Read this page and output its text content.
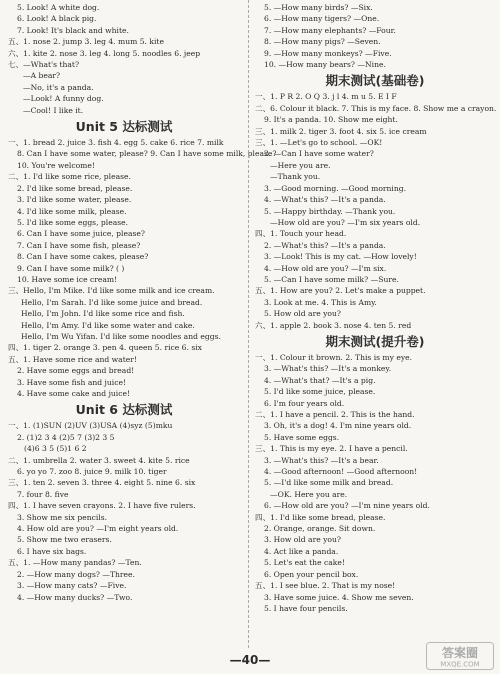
5. Look! A white dog.
6. Look! A black pig.
7. Look! It's black and white.
五、1. nose 2. jump 3. leg 4. mum 5. kite
六、1. kite 2. nose 3. leg 4. long 5. noodles 6. jeep
七、—What's that?
—A bear?
—No, it's a panda.
—Look! A funny dog.
—Cool! I like it.
Unit 5 达标测试
一、1. bread 2. juice 3. fish 4. egg 5. cake 6. rice 7. milk
8. Can I have some water, please? 9. Can I have some milk, please?
10. You're welcome!
二、1. I'd like some rice, please.
2. I'd like some bread, please.
3. I'd like some water, please.
4. I'd like some milk, please.
5. I'd like some eggs, please.
6. Can I have some juice, please?
7. Can I have some fish, please?
8. Can I have some cakes, please?
9. Can I have some milk? ( )
10. Have some ice cream!
三、Hello, I'm Mike. I'd like some milk and ice cream.
Hello, I'm Sarah. I'd like some juice and bread.
Hello, I'm John. I'd like some rice and fish.
Hello, I'm Amy. I'd like some water and cake.
Hello, I'm Wu Yifan. I'd like some noodles and eggs.
四、1. tiger 2. orange 3. pen 4. queen 5. rice 6. six
五、1. Have some rice and water!
2. Have some eggs and bread!
3. Have some fish and juice!
4. Have some cake and juice!
Unit 6 达标测试
一、1. (1)SUN (2)UV (3)USA (4)syz (5)mku
2. (1)2 3 4 (2)5 7 (3)2 3 5
(4)6 3 5 (5)1 6 2
二、1. umbrella 2. water 3. sweet 4. kite 5. rice
6. yo yo 7. zoo 8. juice 9. milk 10. tiger
三、1. ten 2. seven 3. three 4. eight 5. nine 6. six
7. four 8. five
四、1. I have seven crayons. 2. I have five rulers.
3. Show me six pencils.
4. How old are you? —I'm eight years old.
5. Show me two erasers.
6. I have six bags.
五、1. —How many pandas? —Ten.
2. —How many dogs? —Three.
3. —How many cats? —Five.
4. —How many ducks? —Two.
5. —How many birds? —Six.
6. —How many tigers? —One.
7. —How many elephants? —Four.
8. —How many pigs? —Seven.
9. —How many monkeys? —Five.
10. —How many bears? —Nine.
期末测试(基础卷)
一、1. P R 2. O Q 3. j l 4. m u 5. E I F
二、6. Colour it black. 7. This is my face. 8. Show me a crayon.
9. It's a panda. 10. Show me eight.
三、1. milk 2. tiger 3. foot 4. six 5. ice cream
三、1. —Let's go to school. —OK!
2. —Can I have some water?
—Here you are.
—Thank you.
3. —Good morning. —Good morning.
4. —What's this? —It's a panda.
5. —Happy birthday. —Thank you.
—How old are you? —I'm six years old.
四、1. Touch your head.
2. —What's this? —It's a panda.
3. —Look! This is my cat. —How lovely!
4. —How old are you? —I'm six.
5. —Can I have some milk? —Sure.
五、1. How are you? 2. Let's make a puppet.
3. Look at me. 4. This is Amy.
5. How old are you?
六、1. apple 2. book 3. nose 4. ten 5. red
期末测试(提升卷)
一、1. Colour it brown. 2. This is my eye.
3. —What's this? —It's a monkey.
4. —What's that? —It's a pig.
5. I'd like some juice, please.
6. I'm four years old.
二、1. I have a pencil. 2. This is the hand.
3. Oh, it's a dog! 4. I'm nine years old.
5. Have some eggs.
三、1. This is my eye. 2. I have a pencil.
3. —What's this? —It's a bear.
4. —Good afternoon! —Good afternoon!
5. —I'd like some milk and bread.
—OK. Here you are.
6. —How old are you? —I'm nine years old.
四、1. I'd like some bread, please.
2. Orange, orange. Sit down.
3. How old are you?
4. Act like a panda.
5. Let's eat the cake!
6. Open your pencil box.
五、1. I see blue. 2. That is my nose!
3. Have some juice. 4. Show me seven.
5. I have four pencils.
—40—	答案圈
MXQE.COM
